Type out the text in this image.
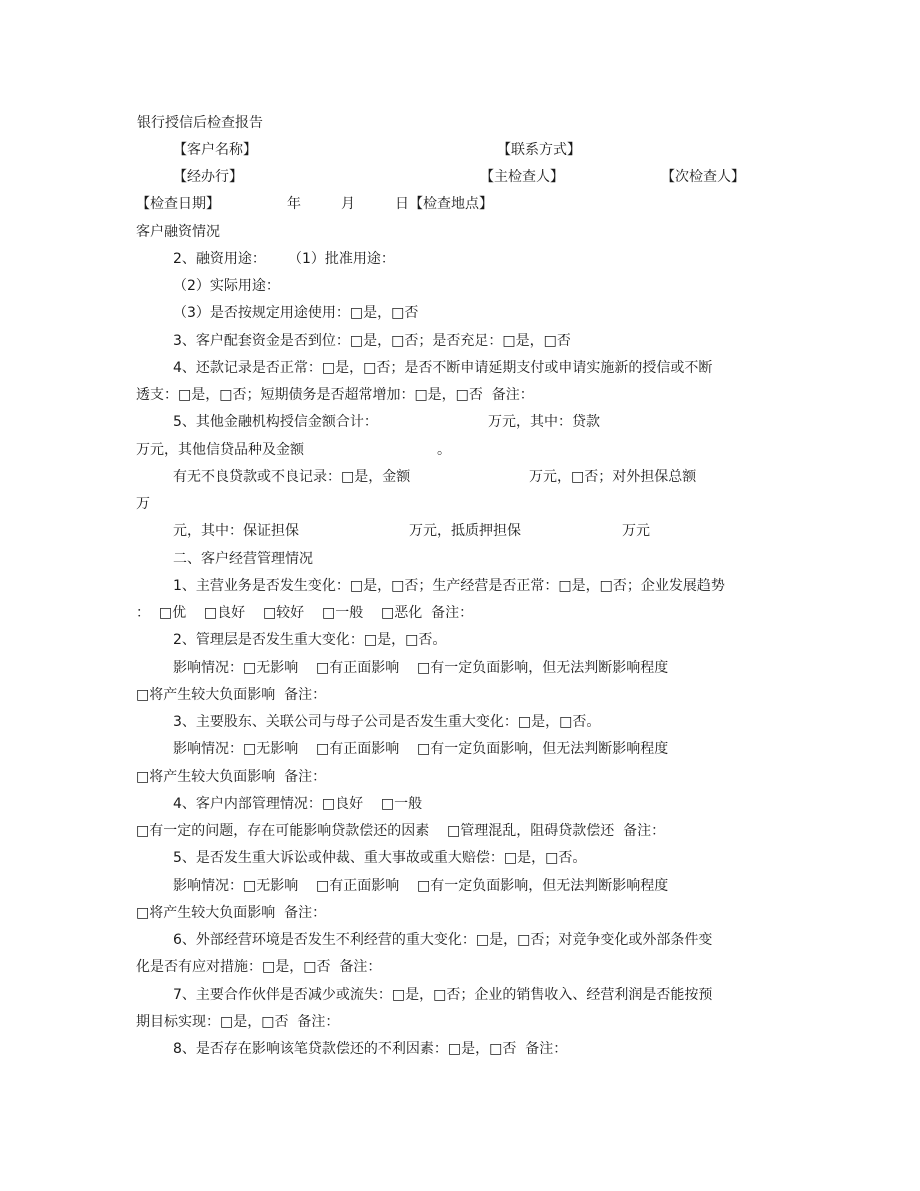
银行授信后检查报告
【客户名称】	【联系方式】
【经办行】	【主检查人】	【次检查人】
【检查日期】	年	月	日 【检查地点】
客户融资情况
2、融资用途： （1）批准用途：
（2）实际用途：
（3）是否按规定用途使用：□是，□否
3、客户配套资金是否到位：□是，□否；是否充足：□是，□否
4、还款记录是否正常：□是，□否；是否不断申请延期支付或申请实施新的授信或不断
透支：□是，□否；短期债务是否超常增加：□是，□否  备注：
5、其他金融机构授信金额合计：	万元，其中：贷款
万元，其他信贷品种及金额	。
有无不良贷款或不良记录：□是，金额	万元，□否；对外担保总额
万
元，其中：保证担保	万元，抵质押担保	万元
二、客户经营管理情况
1、主营业务是否发生变化：□是，□否；生产经营是否正常：□是，□否；企业发展趋势
：  □优    □良好    □较好    □一般    □恶化  备注：
2、管理层是否发生重大变化：□是，□否。
影响情况：□无影响    □有正面影响    □有一定负面影响，但无法判断影响程度
□将产生较大负面影响  备注：
3、主要股东、关联公司与母子公司是否发生重大变化：□是，□否。
影响情况：□无影响    □有正面影响    □有一定负面影响，但无法判断影响程度
□将产生较大负面影响  备注：
4、客户内部管理情况：□良好    □一般
□有一定的问题，存在可能影响贷款偿还的因素    □管理混乱，阻碍贷款偿还  备注：
5、是否发生重大诉讼或仲裁、重大事故或重大赔偿：□是，□否。
影响情况：□无影响    □有正面影响    □有一定负面影响，但无法判断影响程度
□将产生较大负面影响  备注：
6、外部经营环境是否发生不利经营的重大变化：□是，□否；对竞争变化或外部条件变
化是否有应对措施：□是，□否  备注：
7、主要合作伙伴是否减少或流失：□是，□否；企业的销售收入、经营利润是否能按预
期目标实现：□是，□否  备注：
8、是否存在影响该笔贷款偿还的不利因素：□是，□否  备注：
